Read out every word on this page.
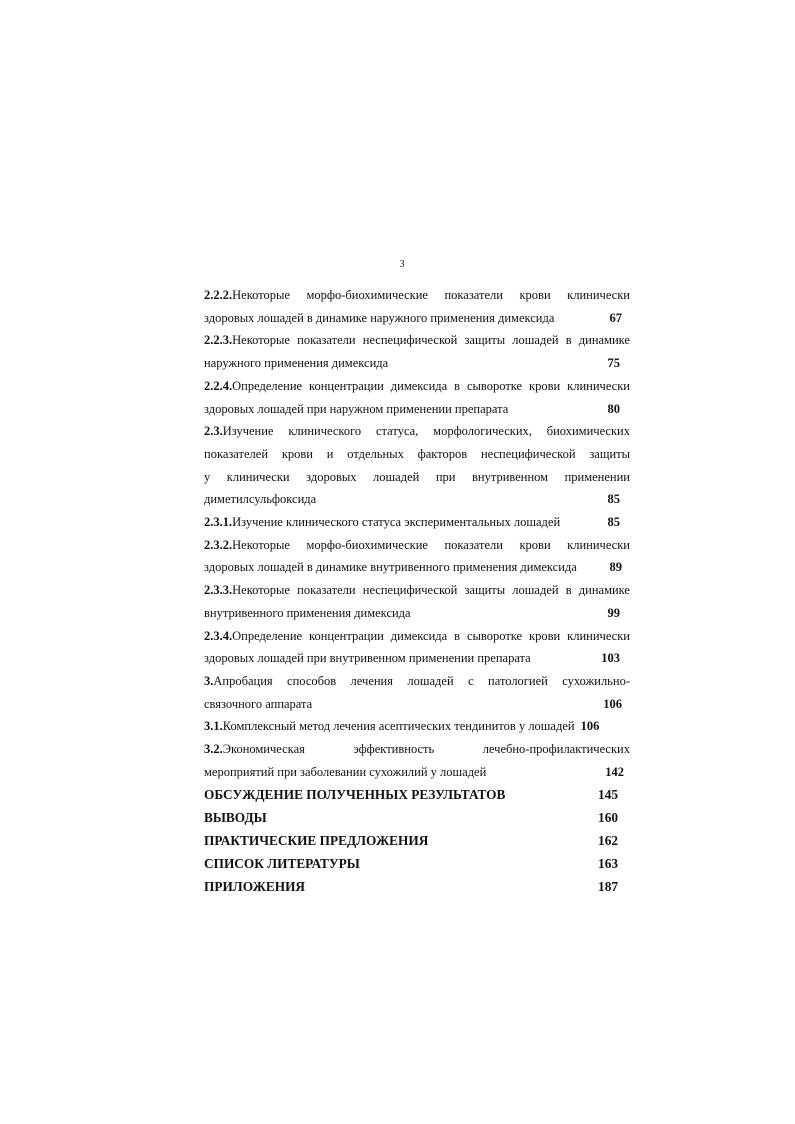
3
2.2.2.Некоторые морфо-биохимические показатели крови клинически
здоровых лошадей в динамике наружного применения димексида	67
2.2.3.Некоторые показатели неспецифической защиты лошадей в динамике
наружного применения димексида	75
2.2.4.Определение концентрации димексида в сыворотке крови клинически
здоровых лошадей при наружном применении препарата	80
2.3.Изучение клинического статуса, морфологических, биохимических
показателей крови и отдельных факторов неспецифической защиты
у клинически здоровых лошадей при внутривенном применении
диметилсульфоксида	85
2.3.1.Изучение клинического статуса экспериментальных лошадей	85
2.3.2.Некоторые морфо-биохимические показатели крови клинически
здоровых лошадей в динамике внутривенного применения димексида	89
2.3.3.Некоторые показатели неспецифической защиты лошадей в динамике
внутривенного применения димексида	99
2.3.4.Определение концентрации димексида в сыворотке крови клинически
здоровых лошадей при внутривенном применении препарата	103
3.Апробация способов лечения лошадей с патологией сухожильно-
связочного аппарата	106
3.1.Комплексный метод лечения асептических тендинитов у лошадей 106
3.2.Экономическая эффективность лечебно-профилактических
мероприятий при заболевании сухожилий у лошадей	142
ОБСУЖДЕНИЕ ПОЛУЧЕННЫХ РЕЗУЛЬТАТОВ	145
ВЫВОДЫ	160
ПРАКТИЧЕСКИЕ ПРЕДЛОЖЕНИЯ	162
СПИСОК ЛИТЕРАТУРЫ	163
ПРИЛОЖЕНИЯ	187
